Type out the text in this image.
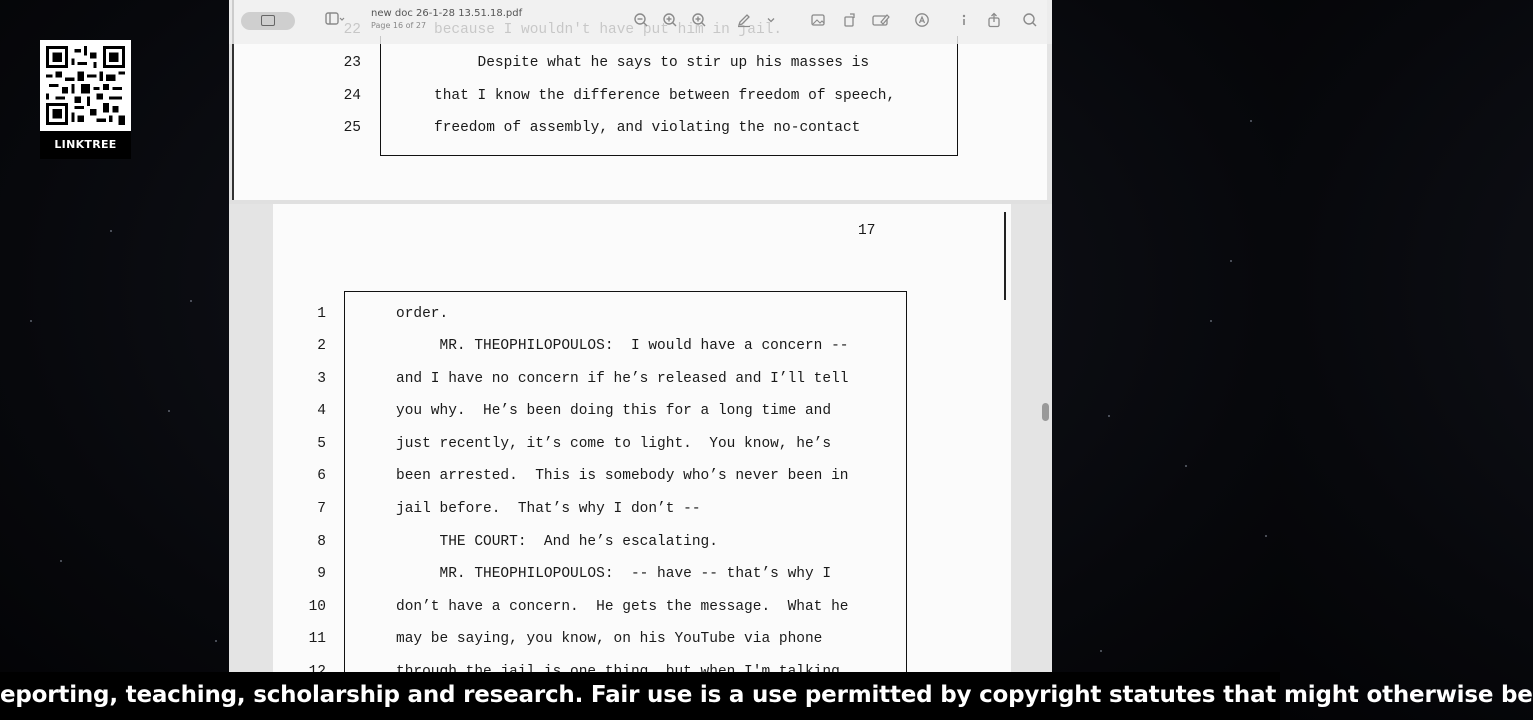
LINKTREE
23	Despite what he says to stir up his masses is
24	that I know the difference between freedom of speech,
25	freedom of assembly, and violating the no-contact
17
1	order.
2	MR. THEOPHILOPOULOS:  I would have a concern --
3	and I have no concern if he’s released and I’ll tell
4	you why.  He’s been doing this for a long time and
5	just recently, it’s come to light.  You know, he’s
6	been arrested.  This is somebody who’s never been in
7	jail before.  That’s why I don’t --
8	THE COURT:  And he’s escalating.
9	MR. THEOPHILOPOULOS:  -- have -- that’s why I
10	don’t have a concern.  He gets the message.  What he
11	may be saying, you know, on his YouTube via phone
new doc 26-1-28 13.51.18.pdf
Page 16 of 27
eporting, teaching, scholarship and research. Fair use is a use permitted by copyright statutes that might otherwise be
